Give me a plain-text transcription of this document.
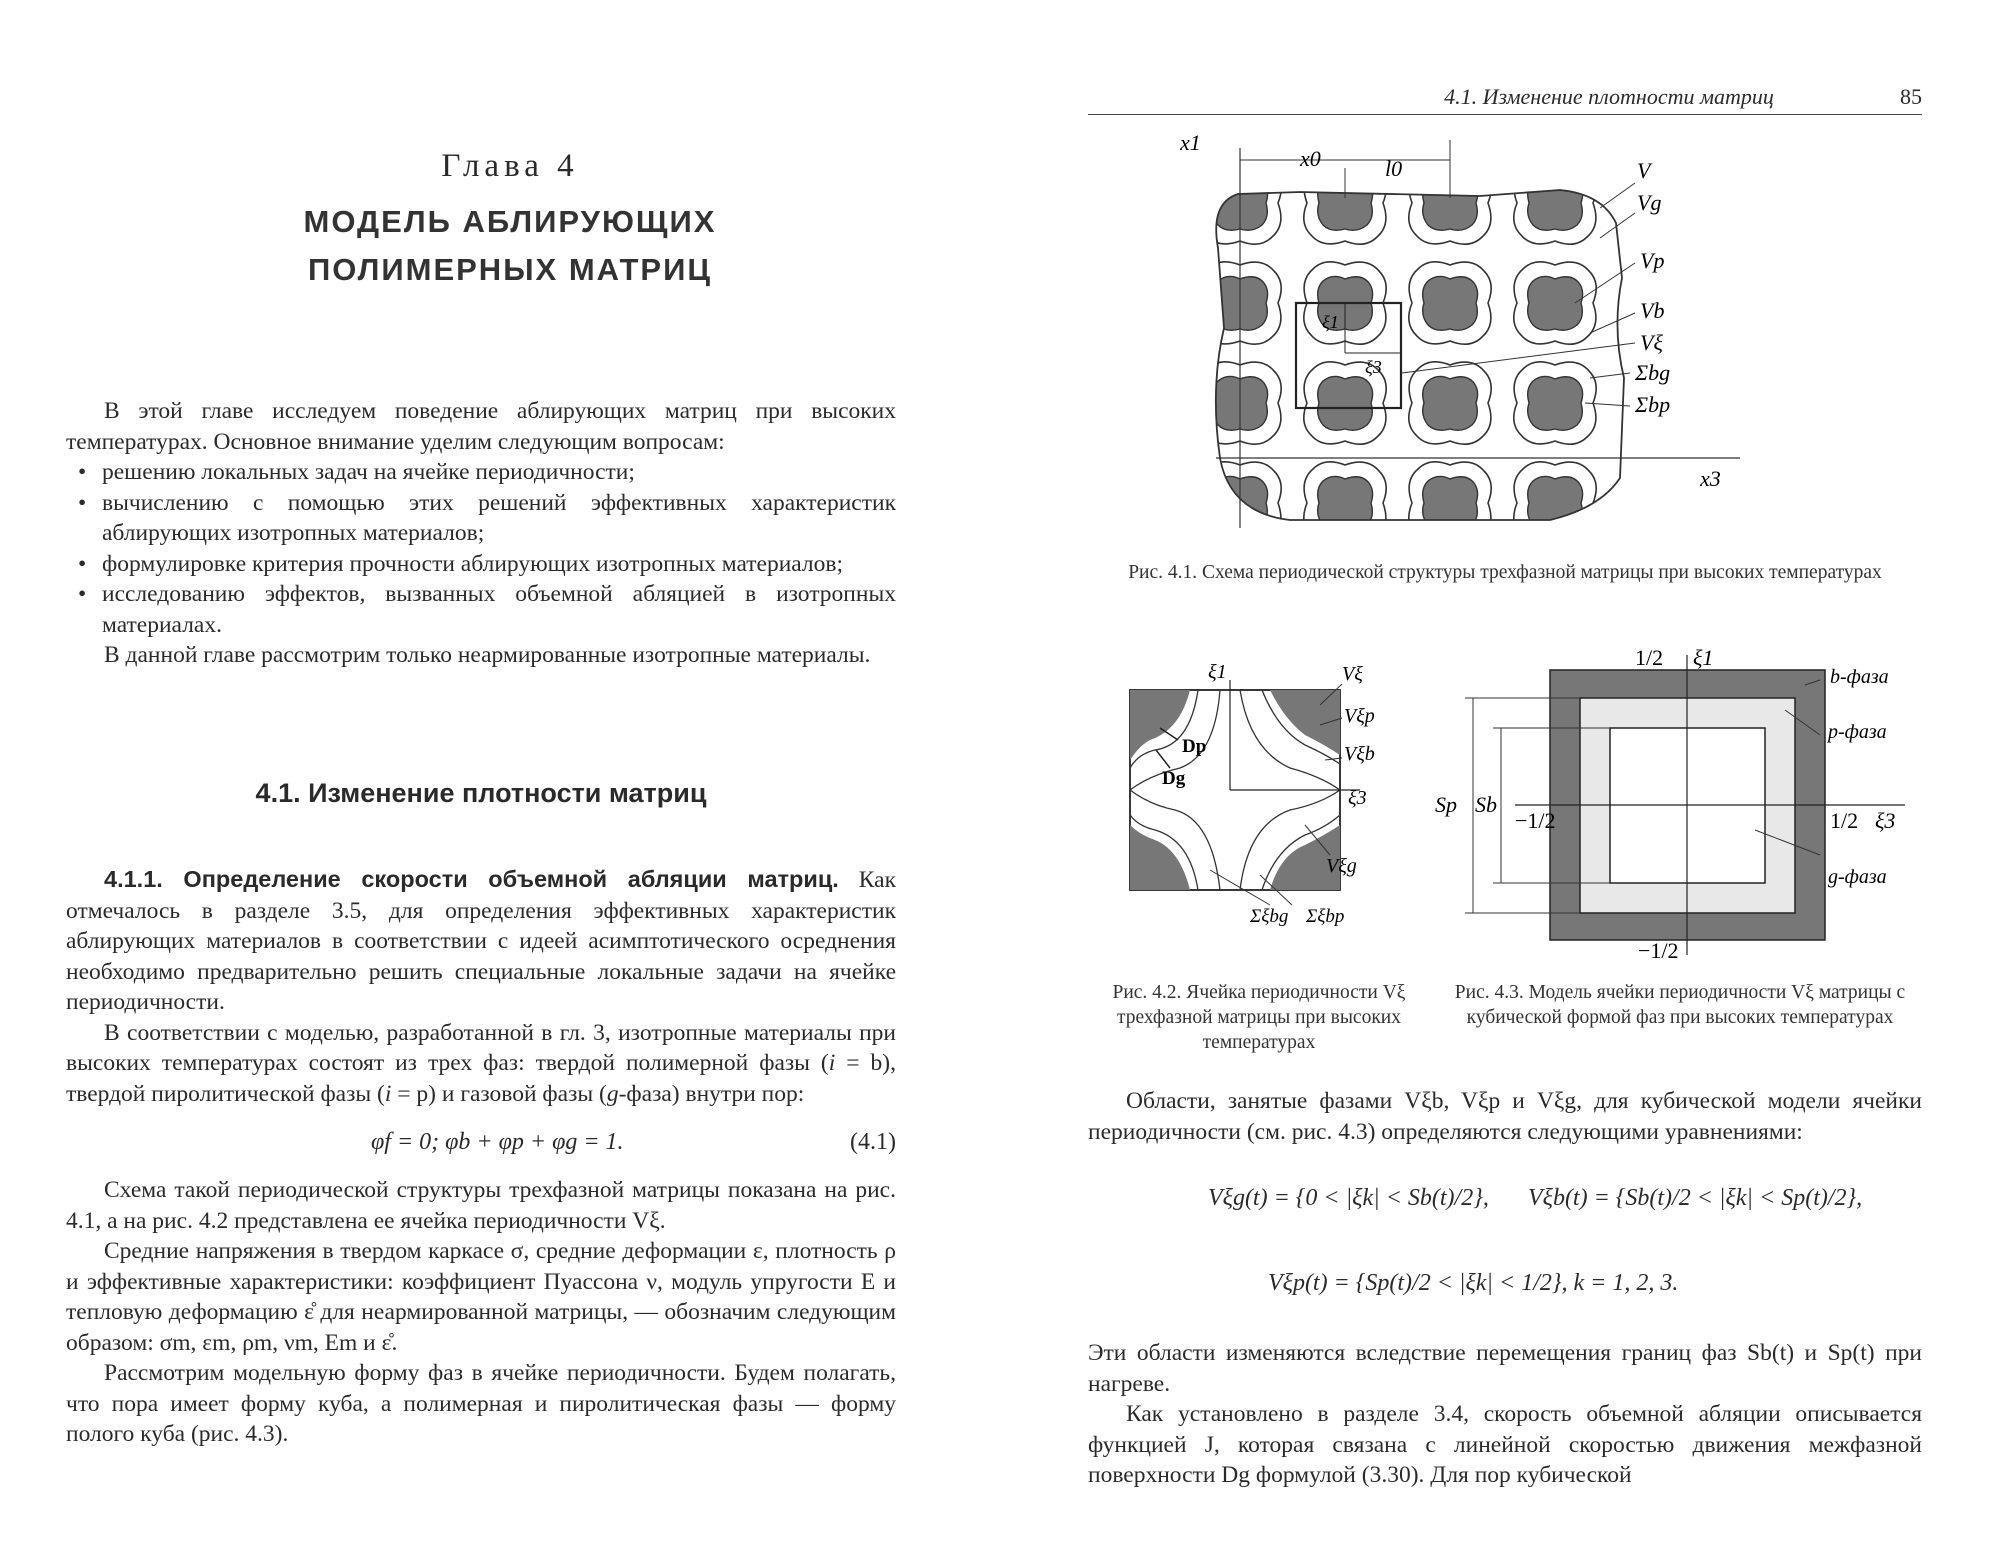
Глава 4
МОДЕЛЬ АБЛИРУЮЩИХ
ПОЛИМЕРНЫХ МАТРИЦ

В этой главе исследуем поведение аблирующих матриц при высоких температурах. Основное внимание уделим следующим вопросам:

• решению локальных задач на ячейке периодичности;
• вычислению с помощью этих решений эффективных характеристик аблирующих изотропных материалов;
• формулировке критерия прочности аблирующих изотропных материалов;
• исследованию эффектов, вызванных объемной абляцией в изотропных материалах.

В данной главе рассмотрим только неармированные изотропные материалы.

4.1. Изменение плотности матриц

4.1.1. Определение скорости объемной абляции матриц. Как отмечалось в разделе 3.5, для определения эффективных характеристик аблирующих материалов в соответствии с идеей асимптотического осреднения необходимо предварительно решить специальные локальные задачи на ячейке периодичности.

В соответствии с моделью, разработанной в гл. 3, изотропные материалы при высоких температурах состоят из трех фаз: твердой полимерной фазы (i = b), твердой пиролитической фазы (i = p) и газовой фазы (g-фаза) внутри пор:

φf = 0; φb + φp + φg = 1.	(4.1)

Схема такой периодической структуры трехфазной матрицы показана на рис. 4.1, а на рис. 4.2 представлена ее ячейка периодичности Vξ.

Средние напряжения в твердом каркасе σ, средние деформации ε, плотность ρ и эффективные характеристики: коэффициент Пуассона ν, модуль упругости E и тепловую деформацию ε̊ для неармированной матрицы, — обозначим следующим образом: σm, εm, ρm, νm, Em и ε̊.

Рассмотрим модельную форму фаз в ячейке периодичности. Будем полагать, что пора имеет форму куба, а полимерная и пиролитическая фазы — форму полого куба (рис. 4.3).

4.1. Изменение плотности матриц	85
x1
x0	l0	V
Vg
Vp
Vb
Vξ
Σbg
Σbp
x3
ξ1
ξ3
Рис. 4.1. Схема периодической структуры трехфазной матрицы при высоких температурах
ξ1	Vξ
Vξp
Dp
Dg
Vξb
ξ3
Vξg
Σξbg Σξbp
Рис. 4.2. Ячейка периодичности Vξ трехфазной матрицы при высоких температурах
1/2 ξ1
b-фаза
p-фаза
Sp Sb
−1/2	1/2 ξ3
g-фаза
−1/2
Рис. 4.3. Модель ячейки периодичности Vξ матрицы с кубической формой фаз при высоких температурах

Области, занятые фазами Vξb, Vξp и Vξg, для кубической модели ячейки периодичности (см. рис. 4.3) определяются следующими уравнениями:

Vξg(t) = {0 < |ξk| < Sb(t)/2}, Vξb(t) = {Sb(t)/2 < |ξk| < Sp(t)/2},
Vξp(t) = {Sp(t)/2 < |ξk| < 1/2}, k = 1, 2, 3.

Эти области изменяются вследствие перемещения границ фаз Sb(t) и Sp(t) при нагреве.

Как установлено в разделе 3.4, скорость объемной абляции описывается функцией J, которая связана с линейной скоростью движения межфазной поверхности Dg формулой (3.30). Для пор кубической
